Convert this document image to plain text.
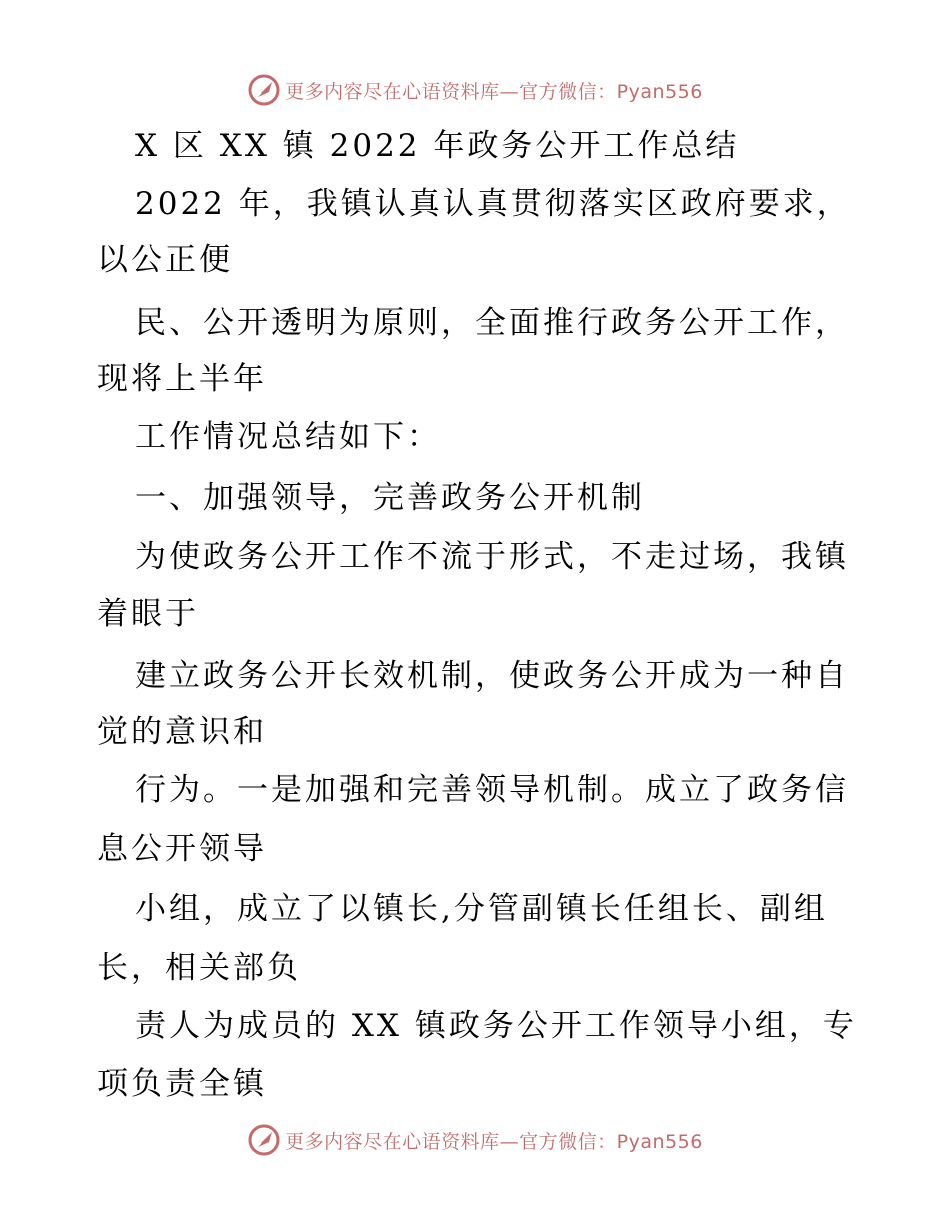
更多内容尽在心语资料库—官方微信：Pyan556
X 区 XX 镇 2022 年政务公开工作总结
2022 年，我镇认真认真贯彻落实区政府要求，
以公正便
民、公开透明为原则，全面推行政务公开工作，
现将上半年
工作情况总结如下：
一、加强领导，完善政务公开机制
为使政务公开工作不流于形式，不走过场，我镇
着眼于
建立政务公开长效机制，使政务公开成为一种自
觉的意识和
行为。一是加强和完善领导机制。成立了政务信
息公开领导
小组，成立了以镇长,分管副镇长任组长、副组
长，相关部负
责人为成员的 XX 镇政务公开工作领导小组，专
项负责全镇
更多内容尽在心语资料库—官方微信：Pyan556
